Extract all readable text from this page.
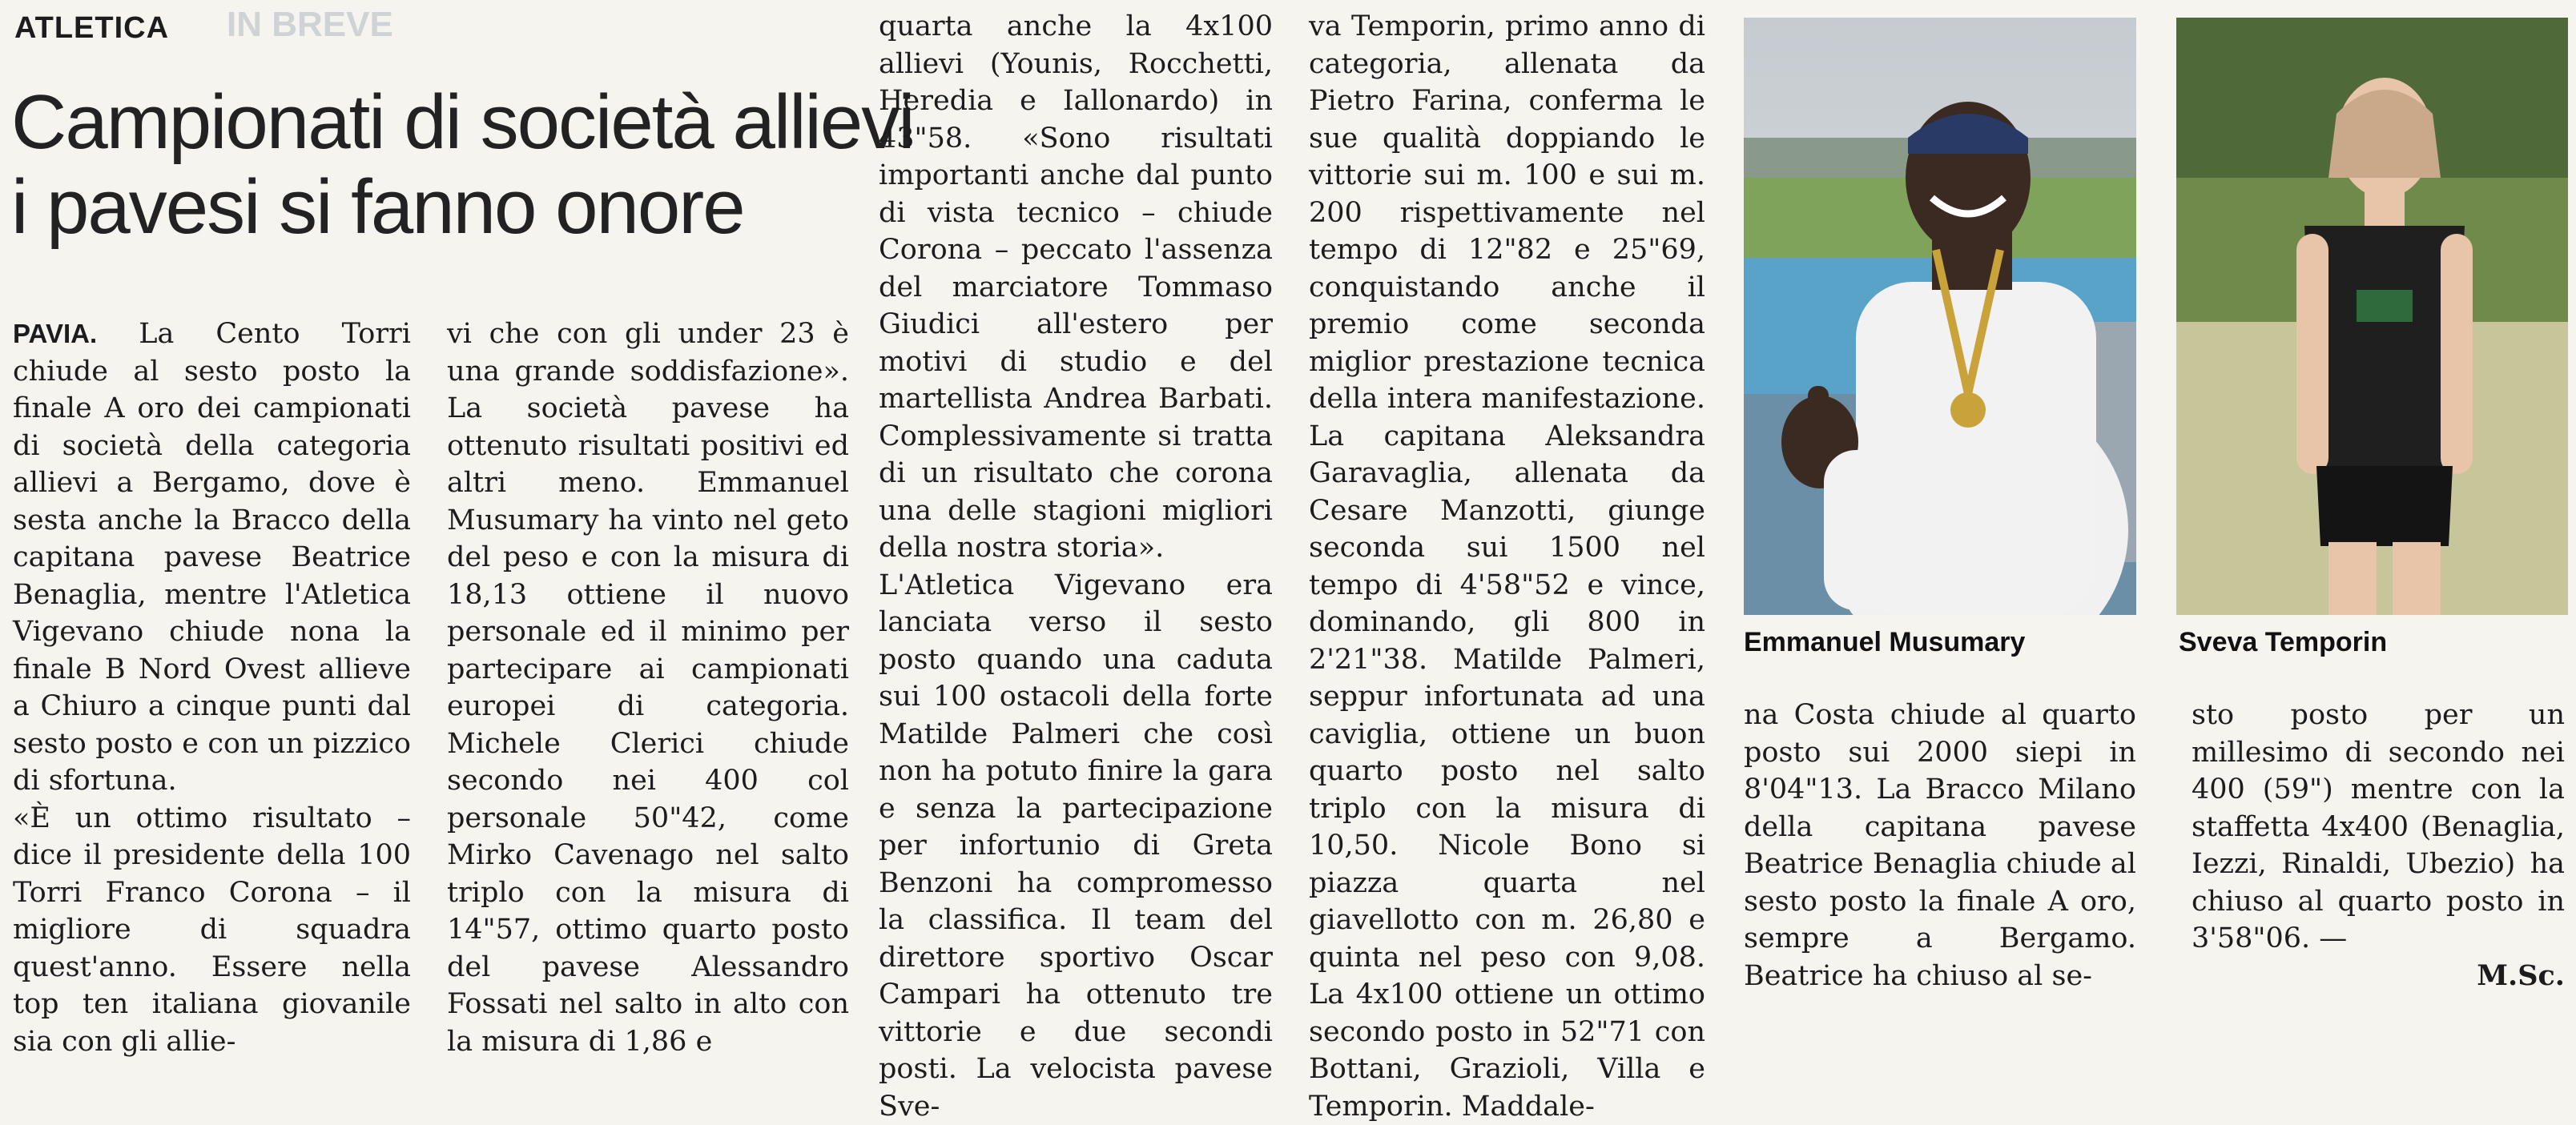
IN BREVE
ATLETICA
Campionati di società allievi
i pavesi si fanno onore
PAVIA. La Cento Torri chiude al sesto posto la finale A oro dei campionati di società della categoria allievi a Bergamo, dove è sesta anche la Bracco della capitana pavese Beatrice Benaglia, mentre l'Atletica Vigevano chiude nona la finale B Nord Ovest allieve a Chiuro a cinque punti dal sesto posto e con un pizzico di sfortuna.
«È un ottimo risultato – dice il presidente della 100 Torri Franco Corona – il migliore di squadra quest'anno. Essere nella top ten italiana giovanile sia con gli allie-
vi che con gli under 23 è una grande soddisfazione». La società pavese ha ottenuto risultati positivi ed altri meno. Emmanuel Musumary ha vinto nel geto del peso e con la misura di 18,13 ottiene il nuovo personale ed il minimo per partecipare ai campionati europei di categoria. Michele Clerici chiude secondo nei 400 col personale 50"42, come Mirko Cavenago nel salto triplo con la misura di 14"57, ottimo quarto posto del pavese Alessandro Fossati nel salto in alto con la misura di 1,86 e
quarta anche la 4x100 allievi (Younis, Rocchetti, Heredia e Iallonardo) in 43"58. «Sono risultati importanti anche dal punto di vista tecnico – chiude Corona – peccato l'assenza del marciatore Tommaso Giudici all'estero per motivi di studio e del martellista Andrea Barbati. Complessivamente si tratta di un risultato che corona una delle stagioni migliori della nostra storia».
L'Atletica Vigevano era lanciata verso il sesto posto quando una caduta sui 100 ostacoli della forte Matilde Palmeri che così non ha potuto finire la gara e senza la partecipazione per infortunio di Greta Benzoni ha compromesso la classifica. Il team del direttore sportivo Oscar Campari ha ottenuto tre vittorie e due secondi posti. La velocista pavese Sve-
va Temporin, primo anno di categoria, allenata da Pietro Farina, conferma le sue qualità doppiando le vittorie sui m. 100 e sui m. 200 rispettivamente nel tempo di 12"82 e 25"69, conquistando anche il premio come seconda miglior prestazione tecnica della intera manifestazione. La capitana Aleksandra Garavaglia, allenata da Cesare Manzotti, giunge seconda sui 1500 nel tempo di 4'58"52 e vince, dominando, gli 800 in 2'21"38. Matilde Palmeri, seppur infortunata ad una caviglia, ottiene un buon quarto posto nel salto triplo con la misura di 10,50. Nicole Bono si piazza quarta nel giavellotto con m. 26,80 e quinta nel peso con 9,08. La 4x100 ottiene un ottimo secondo posto in 52"71 con Bottani, Grazioli, Villa e Temporin. Maddale-
Emmanuel Musumary
na Costa chiude al quarto posto sui 2000 siepi in 8'04"13. La Bracco Milano della capitana pavese Beatrice Benaglia chiude al sesto posto la finale A oro, sempre a Bergamo. Beatrice ha chiuso al se-
Sveva Temporin
sto posto per un millesimo di secondo nei 400 (59") mentre con la staffetta 4x400 (Benaglia, Iezzi, Rinaldi, Ubezio) ha chiuso al quarto posto in 3'58"06. —
M.Sc.
